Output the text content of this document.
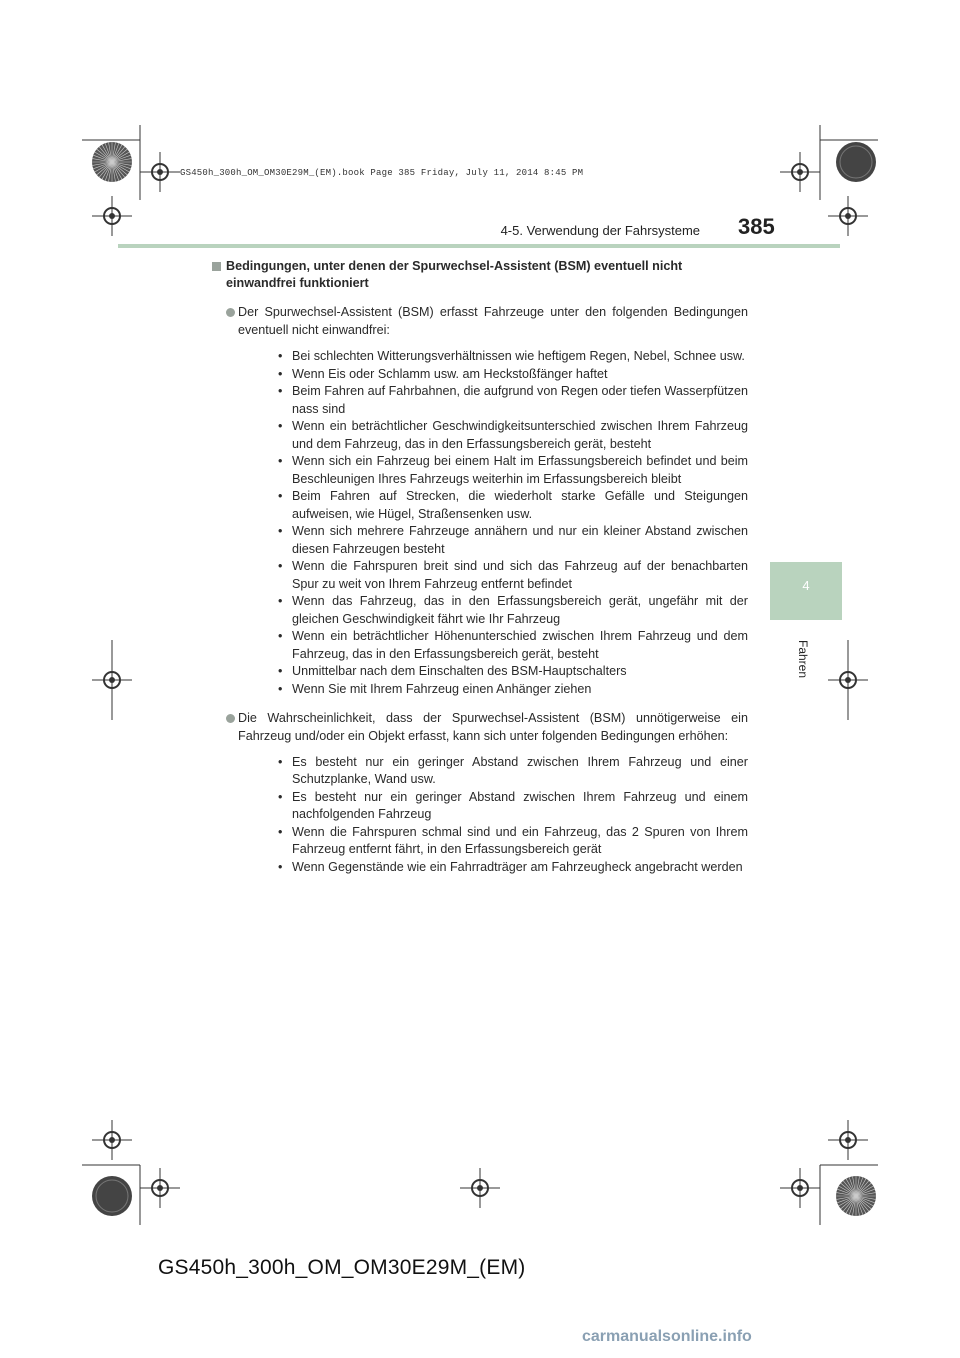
GS450h_300h_OM_OM30E29M_(EM).book Page 385 Friday, July 11, 2014 8:45 PM
4-5. Verwendung der Fahrsysteme 385
4
Fahren
Bedingungen, unter denen der Spurwechsel-Assistent (BSM) eventuell nicht einwandfrei funktioniert
Der Spurwechsel-Assistent (BSM) erfasst Fahrzeuge unter den folgenden Bedingungen eventuell nicht einwandfrei:
• Bei schlechten Witterungsverhältnissen wie heftigem Regen, Nebel, Schnee usw.
• Wenn Eis oder Schlamm usw. am Heckstoßfänger haftet
• Beim Fahren auf Fahrbahnen, die aufgrund von Regen oder tiefen Wasserpfützen nass sind
• Wenn ein beträchtlicher Geschwindigkeitsunterschied zwischen Ihrem Fahrzeug und dem Fahrzeug, das in den Erfassungsbereich gerät, besteht
• Wenn sich ein Fahrzeug bei einem Halt im Erfassungsbereich befindet und beim Beschleunigen Ihres Fahrzeugs weiterhin im Erfassungsbereich bleibt
• Beim Fahren auf Strecken, die wiederholt starke Gefälle und Steigungen aufweisen, wie Hügel, Straßensenken usw.
• Wenn sich mehrere Fahrzeuge annähern und nur ein kleiner Abstand zwischen diesen Fahrzeugen besteht
• Wenn die Fahrspuren breit sind und sich das Fahrzeug auf der benachbarten Spur zu weit von Ihrem Fahrzeug entfernt befindet
• Wenn das Fahrzeug, das in den Erfassungsbereich gerät, ungefähr mit der gleichen Geschwindigkeit fährt wie Ihr Fahrzeug
• Wenn ein beträchtlicher Höhenunterschied zwischen Ihrem Fahrzeug und dem Fahrzeug, das in den Erfassungsbereich gerät, besteht
• Unmittelbar nach dem Einschalten des BSM-Hauptschalters
• Wenn Sie mit Ihrem Fahrzeug einen Anhänger ziehen
Die Wahrscheinlichkeit, dass der Spurwechsel-Assistent (BSM) unnötigerweise ein Fahrzeug und/oder ein Objekt erfasst, kann sich unter folgenden Bedingungen erhöhen:
• Es besteht nur ein geringer Abstand zwischen Ihrem Fahrzeug und einer Schutzplanke, Wand usw.
• Es besteht nur ein geringer Abstand zwischen Ihrem Fahrzeug und einem nachfolgenden Fahrzeug
• Wenn die Fahrspuren schmal sind und ein Fahrzeug, das 2 Spuren von Ihrem Fahrzeug entfernt fährt, in den Erfassungsbereich gerät
• Wenn Gegenstände wie ein Fahrradträger am Fahrzeugheck angebracht werden
GS450h_300h_OM_OM30E29M_(EM)
carmanualsonline.info
